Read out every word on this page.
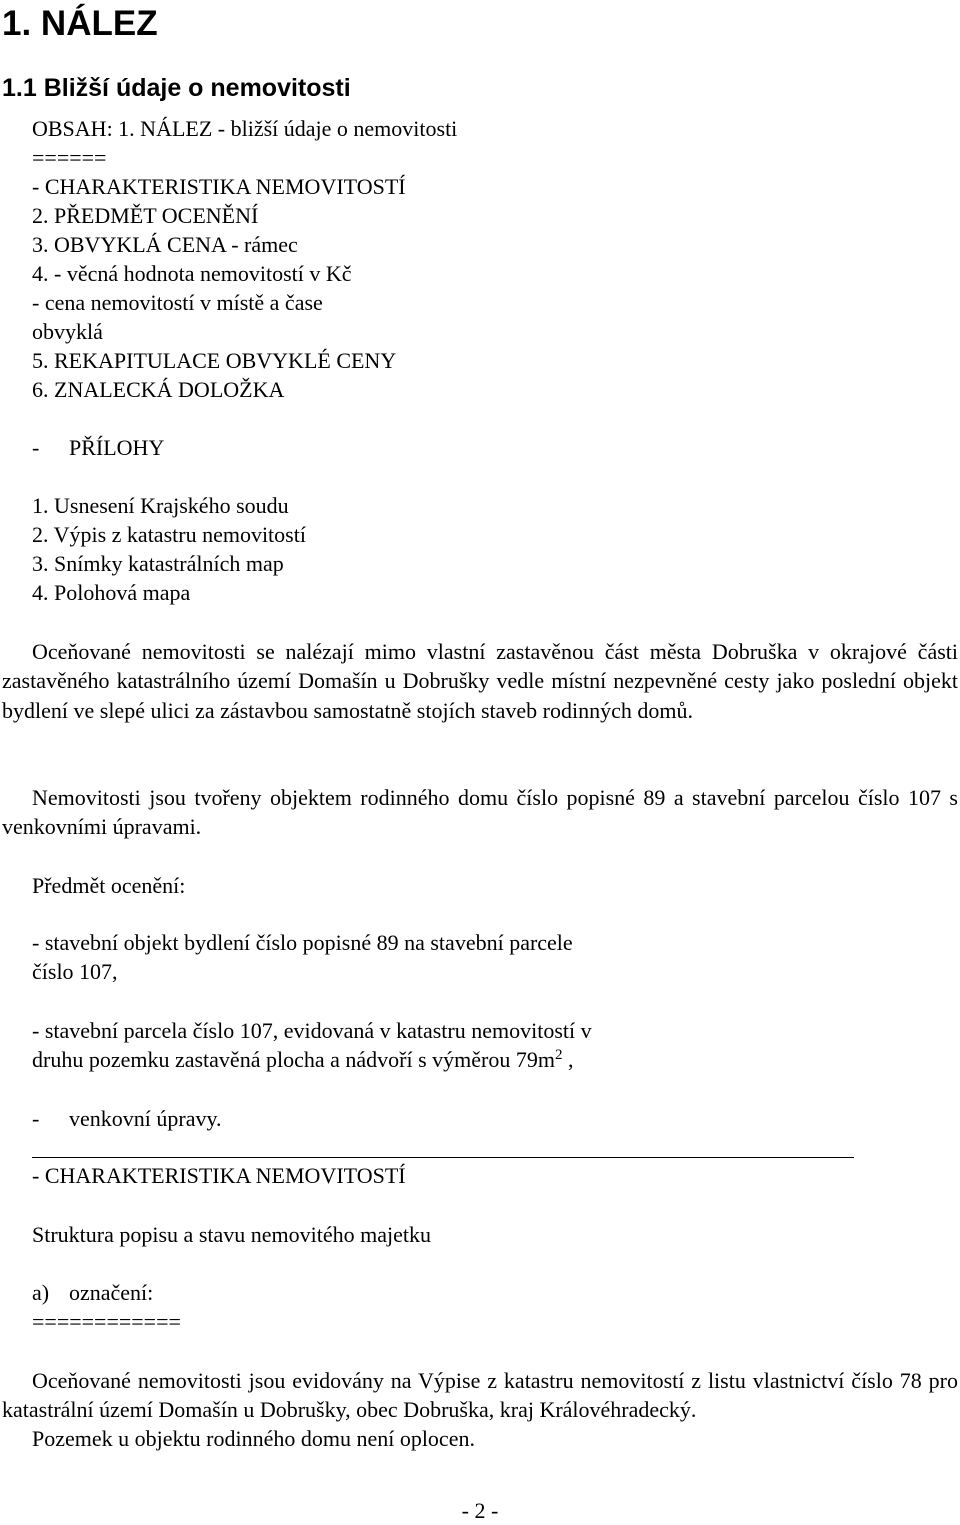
1. NÁLEZ
1.1 Bližší údaje o nemovitosti
OBSAH: 1. NÁLEZ - bližší údaje o nemovitosti
======
- CHARAKTERISTIKA NEMOVITOSTÍ
2. PŘEDMĚT OCENĚNÍ
3. OBVYKLÁ CENA - rámec
4. - věcná hodnota nemovitostí v Kč
- cena nemovitostí v místě a čase
obvyklá
5. REKAPITULACE OBVYKLÉ CENY
6. ZNALECKÁ DOLOŽKA
- PŘÍLOHY
1. Usnesení Krajského soudu
2. Výpis z katastru nemovitostí
3. Snímky katastrálních map
4. Polohová mapa
Oceňované nemovitosti se nalézají mimo vlastní zastavěnou část města Dobruška v okrajové části zastavěného katastrálního území Domašín u Dobrušky vedle místní nezpevněné cesty jako poslední objekt bydlení ve slepé ulici za zástavbou samostatně stojích staveb rodinných domů.
Nemovitosti jsou tvořeny objektem rodinného domu číslo popisné 89 a stavební parcelou číslo 107 s venkovními úpravami.
Předmět ocenění:
- stavební objekt bydlení číslo popisné 89 na stavební parcele
číslo 107,
- stavební parcela číslo 107, evidovaná v katastru nemovitostí v
druhu pozemku zastavěná plocha a nádvoří s výměrou $79m^2$ ,
- venkovní úpravy.
- CHARAKTERISTIKA NEMOVITOSTÍ
Struktura popisu a stavu nemovitého majetku
a) označení:
============
Oceňované nemovitosti jsou evidovány na Výpise z katastru nemovitostí z listu vlastnictví číslo 78 pro katastrální území Domašín u Dobrušky, obec Dobruška, kraj Královéhradecký.
Pozemek u objektu rodinného domu není oplocen.
- 2 -
